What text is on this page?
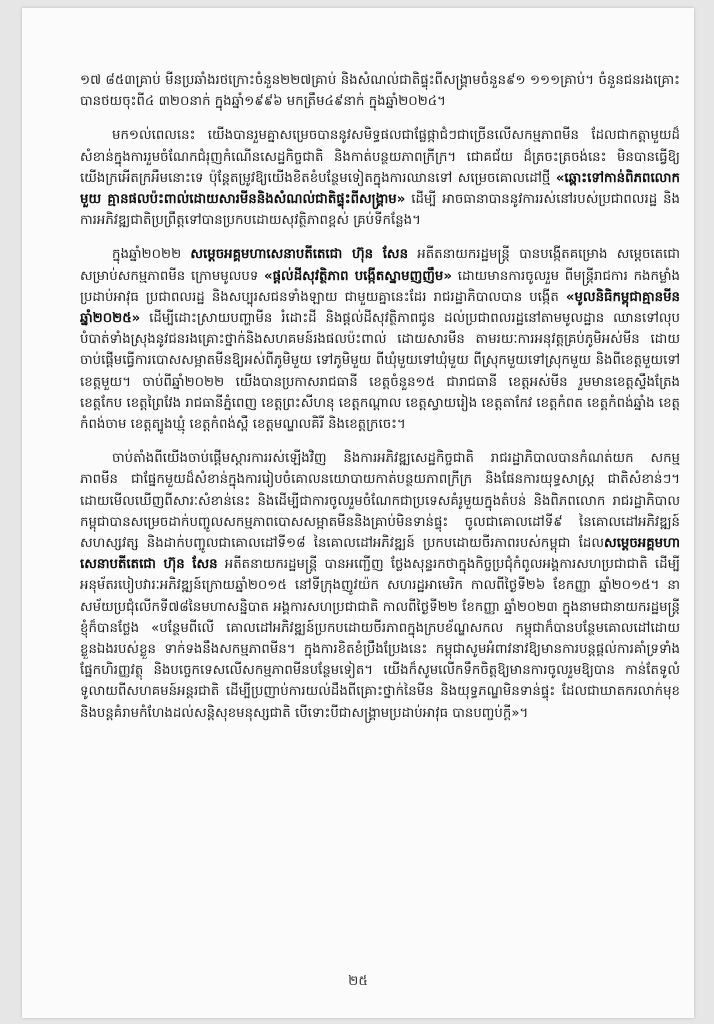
១៧ ៨៥៣គ្រាប់ មីនប្រឆាំងរថក្រោះចំនួន២២៧គ្រាប់ និងសំណល់ជាតិផ្ទុះពីសង្គ្រាមចំនួន៩១ ១១១គ្រាប់។ ចំនួនជនរងគ្រោះបានថយចុះពី៤ ៣២០នាក់ ក្នុងឆ្នាំ១៩៩៦ មកត្រឹម៤៩នាក់ ក្នុងឆ្នាំ២០២៤។

មក១ល់ពេលនេះ យើងបានរួមគ្នាសម្រេចបាននូវសមិទ្ធផលជាផ្លែផ្កាជំៗជាច្រើនលើសកម្មភាពមីន ដែលជាកត្តាមួយដ៏សំខាន់ក្នុងការរួមចំណែកជំរុញកំណើនសេដ្ឋកិច្ចជាតិ និងកាត់បន្ថយភាពក្រីក្រ។ ជោគជ័យ ដ៏ត្រចះត្រចង់នេះ មិនបានធ្វើឱ្យយើងក្រអើតក្រអឺមនោះទេ ប៉ុន្តែតម្រូវឱ្យយើងខិតខំបន្ថែមទៀតក្នុងការឈានទៅ សម្រេចគោលដៅថ្មី «ឆ្ពោះទៅកាន់ពិភពលោកមួយ គ្មានផលប៉ះពាល់ដោយសារមីននិងសំណល់ជាតិផ្ទុះពីសង្គ្រាម» ដើម្បី អាចធានាបាននូវការរស់នៅរបស់ប្រជាពលរដ្ឋ និងការអភិវឌ្ឍជាតិប្រព្រឹត្តទៅបានប្រកបដោយសុវត្ថិភាពខ្ពស់ គ្រប់ទីកន្លែង។

ក្នុងឆ្នាំ២០២២ សម្តេចអគ្គមហាសេនាបតីតេជោ ហ៊ុន សែន អតីតនាយករដ្ឋមន្ត្រី បានបង្កើតគម្រោង សម្តេចតេជោសម្រាប់សកម្មភាពមីន ក្រោមមូលបទ «ផ្តល់ដីសុវត្ថិភាព បង្កើតស្នាមញញឹម» ដោយមានការចូលរួម ពីមន្ត្រីរាជការ កងកម្លាំងប្រដាប់អាវុធ ប្រជាពលរដ្ឋ និងសប្បុរសជនទាំងឡាយ ជាមួយគ្នានេះដែរ រាជរដ្ឋាភិបាលបាន បង្កើត «មូលនិធិកម្ពុជាគ្មានមីន ឆ្នាំ២០២៥» ដើម្បីដោះស្រាយបញ្ហាមីន រំដោះដី និងផ្តល់ដីសុវត្ថិភាពជូន ដល់ប្រជាពលរដ្ឋនៅតាមមូលដ្ឋាន ឈានទៅលុបបំបាត់ទាំងស្រុងនូវជនរងគ្រោះថ្នាក់និងសហគមន៍រងផលប៉ះពាល់ ដោយសារមីន តាមរយៈការអនុវត្តគ្រប់ភូមិអស់មីន ដោយចាប់ផ្តើមធ្វើការបោសសម្អាតមីនឱ្យអស់ពីភូមិមួយ ទៅភូមិមួយ ពីឃុំមួយទៅឃុំមួយ ពីស្រុកមួយទៅស្រុកមួយ និងពីខេត្តមួយទៅខេត្តមួយ។ ចាប់ពីឆ្នាំ២០២២ យើងបានប្រកាសរាជធានី ខេត្តចំនួន១៥ ជារាជធានី ខេត្តអស់មីន រួមមានខេត្តស្ទឹងត្រែង ខេត្តកែប ខេត្តព្រៃវែង រាជធានីភ្នំពេញ ខេត្តព្រះសីហនុ ខេត្តកណ្តាល ខេត្តស្វាយរៀង ខេត្តតាកែវ ខេត្តកំពត ខេត្តកំពង់ឆ្នាំង ខេត្តកំពង់ចាម ខេត្តត្បូងឃ្មុំ ខេត្តកំពង់ស្ពឺ ខេត្តមណ្ឌលគិរី និងខេត្តក្រចេះ។

ចាប់តាំងពីយើងចាប់ផ្តើមស្តារការរស់ឡើងវិញ និងការអភិវឌ្ឍសេដ្ឋកិច្ចជាតិ រាជរដ្ឋាភិបាលបានកំណត់យក សកម្មភាពមីន ជាផ្នែកមួយដ៏សំខាន់ក្នុងការរៀបចំគោលនយោបាយកាត់បន្ថយភាពក្រីក្រ និងផែនការយុទ្ធសាស្ត្រ ជាតិសំខាន់ៗ។ ដោយមើលឃើញពីសារៈសំខាន់នេះ និងដើម្បីជាការចូលរួមចំណែកជាប្រទេសគំរូមួយក្នុងតំបន់ និងពិភពលោក រាជរដ្ឋាភិបាលកម្ពុជាបានសម្រេចដាក់បញ្ចូលសកម្មភាពបោសសម្អាតមីននិងគ្រាប់មិនទាន់ផ្ទុះ ចូលជាគោលដៅទី៩ នៃគោលដៅអភិវឌ្ឍន៍សហស្សវត្ស និងដាក់បញ្ចូលជាគោលដៅទី១៨ នៃគោលដៅអភិវឌ្ឍន៍ ប្រកបដោយចីរភាពរបស់កម្ពុជា ដែលសម្តេចអគ្គមហាសេនាបតីតេជោ ហ៊ុន សែន អតីតនាយករដ្ឋមន្ត្រី បានអញ្ជើញ ថ្លែងសុន្ទរកថាក្នុងកិច្ចប្រជុំកំពូលអង្គការសហប្រជាជាតិ ដើម្បីអនុម័តរបៀបវារៈអភិវឌ្ឍន៍ក្រោយឆ្នាំ២០១៥ នៅទីក្រុងញូវយ៉ក សហរដ្ឋអាមេរិក កាលពីថ្ងៃទី២៦ ខែកញ្ញា ឆ្នាំ២០១៥។ នាសម័យប្រជុំលើកទី៧៨នៃមហាសន្និបាត អង្គការសហប្រជាជាតិ កាលពីថ្ងៃទី២២ ខែកញ្ញា ឆ្នាំ២០២៣ ក្នុងនាមជានាយករដ្ឋមន្ត្រី ខ្ញុំក៏បានថ្លែង «បន្ថែមពីលើ គោលដៅអភិវឌ្ឍន៍ប្រកបដោយចីរភាពក្នុងក្របខ័ណ្ឌសកល កម្ពុជាក៏បានបន្ថែមគោលដៅដោយខ្លួនឯងរបស់ខ្លួន ទាក់ទងនឹងសកម្មភាពមីន។ ក្នុងការខិតខំប្រឹងប្រែងនេះ កម្ពុជាសូមអំពាវនាវឱ្យមានការបន្តផ្តល់ការគាំទ្រទាំង ផ្នែកហិរញ្ញវត្ថុ និងបច្ចេកទេសលើសកម្មភាពមីនបន្ថែមទៀត។ យើងក៏សូមលើកទឹកចិត្តឱ្យមានការចូលរួមឱ្យបាន កាន់តែទូលំទូលាយពីសហគមន៍អន្តរជាតិ ដើម្បីប្រញាប់ការយល់ដឹងពីគ្រោះថ្នាក់នៃមីន និងយុទ្ធភណ្ឌមិនទាន់ផ្ទុះ ដែលជាឃាតករលាក់មុខ និងបន្តគំរាមកំហែងដល់សន្តិសុខមនុស្សជាតិ បើទោះបីជាសង្គ្រាមប្រដាប់អាវុធ បានបញ្ចប់ក្តី»។

២៥
